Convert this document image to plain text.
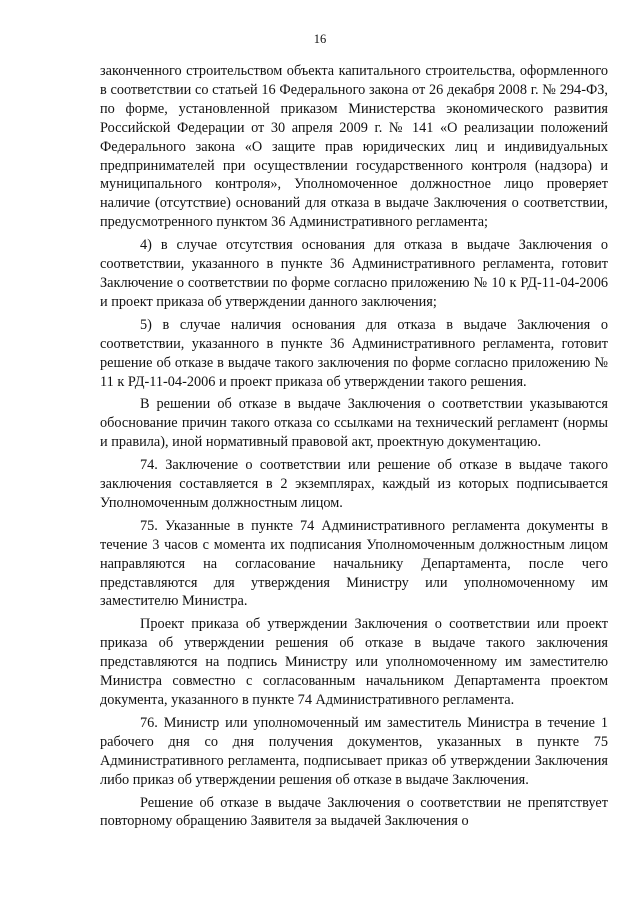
16

законченного строительством объекта капитального строительства, оформленного в соответствии со статьей 16 Федерального закона от 26 декабря 2008 г. № 294-ФЗ, по форме, установленной приказом Министерства экономического развития Российской Федерации от 30 апреля 2009 г. № 141 «О реализации положений Федерального закона «О защите прав юридических лиц и индивидуальных предпринимателей при осуществлении государственного контроля (надзора) и муниципального контроля», Уполномоченное должностное лицо проверяет наличие (отсутствие) оснований для отказа в выдаче Заключения о соответствии, предусмотренного пунктом 36 Административного регламента;

4) в случае отсутствия основания для отказа в выдаче Заключения о соответствии, указанного в пункте 36 Административного регламента, готовит Заключение о соответствии по форме согласно приложению № 10 к РД-11-04-2006 и проект приказа об утверждении данного заключения;

5) в случае наличия основания для отказа в выдаче Заключения о соответствии, указанного в пункте 36 Административного регламента, готовит решение об отказе в выдаче такого заключения по форме согласно приложению № 11 к РД-11-04-2006 и проект приказа об утверждении такого решения.

В решении об отказе в выдаче Заключения о соответствии указываются обоснование причин такого отказа со ссылками на технический регламент (нормы и правила), иной нормативный правовой акт, проектную документацию.

74. Заключение о соответствии или решение об отказе в выдаче такого заключения составляется в 2 экземплярах, каждый из которых подписывается Уполномоченным должностным лицом.

75. Указанные в пункте 74 Административного регламента документы в течение 3 часов с момента их подписания Уполномоченным должностным лицом направляются на согласование начальнику Департамента, после чего представляются для утверждения Министру или уполномоченному им заместителю Министра.

Проект приказа об утверждении Заключения о соответствии или проект приказа об утверждении решения об отказе в выдаче такого заключения представляются на подпись Министру или уполномоченному им заместителю Министра совместно с согласованным начальником Департамента проектом документа, указанного в пункте 74 Административного регламента.

76. Министр или уполномоченный им заместитель Министра в течение 1 рабочего дня со дня получения документов, указанных в пункте 75 Административного регламента, подписывает приказ об утверждении Заключения либо приказ об утверждении решения об отказе в выдаче Заключения.

Решение об отказе в выдаче Заключения о соответствии не препятствует повторному обращению Заявителя за выдачей Заключения о
